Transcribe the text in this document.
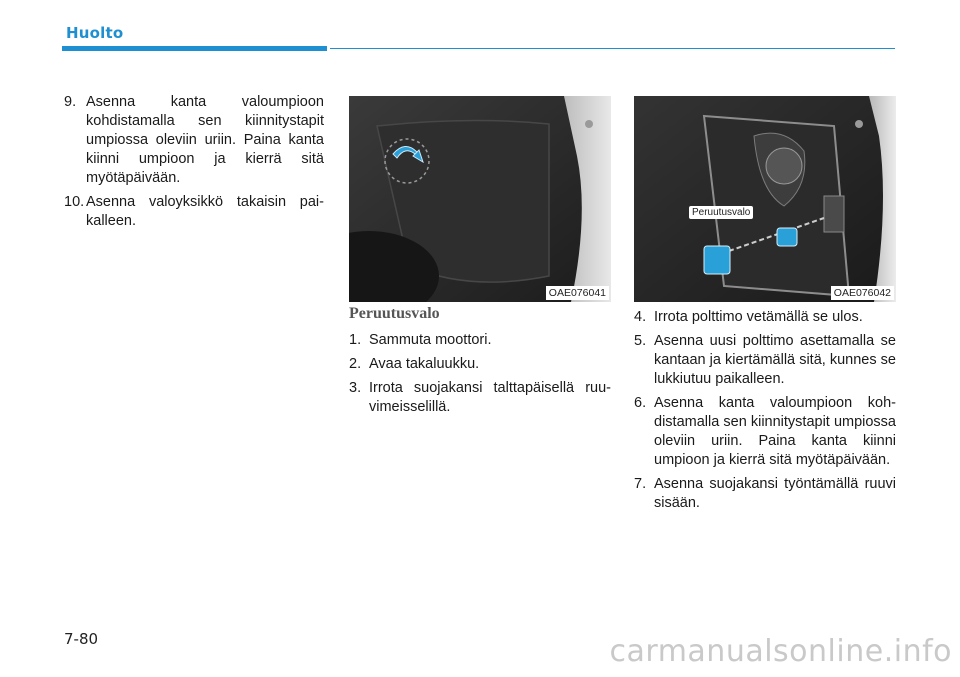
Huolto
9. Asenna kanta valoumpioon kohdistamalla sen kiinnitystapit umpiossa oleviin uriin. Paina kanta kiinni umpioon ja kierrä sitä myötäpäivään.
10. Asenna valoyksikkö takaisin paikalleen.
OAE076041
Peruutusvalo
OAE076042
Peruutusvalo
1. Sammuta moottori.
2. Avaa takaluukku.
3. Irrota suojakansi talttapäisellä ruuvimeisselillä.
4. Irrota polttimo vetämällä se ulos.
5. Asenna uusi polttimo asettamalla se kantaan ja kiertämällä sitä, kunnes se lukkiutuu paikalleen.
6. Asenna kanta valoumpioon kohdistamalla sen kiinnitystapit umpiossa oleviin uriin. Paina kanta kiinni umpioon ja kierrä sitä myötäpäivään.
7. Asenna suojakansi työntämällä ruuvi sisään.
7-80	carmanualsonline.info
